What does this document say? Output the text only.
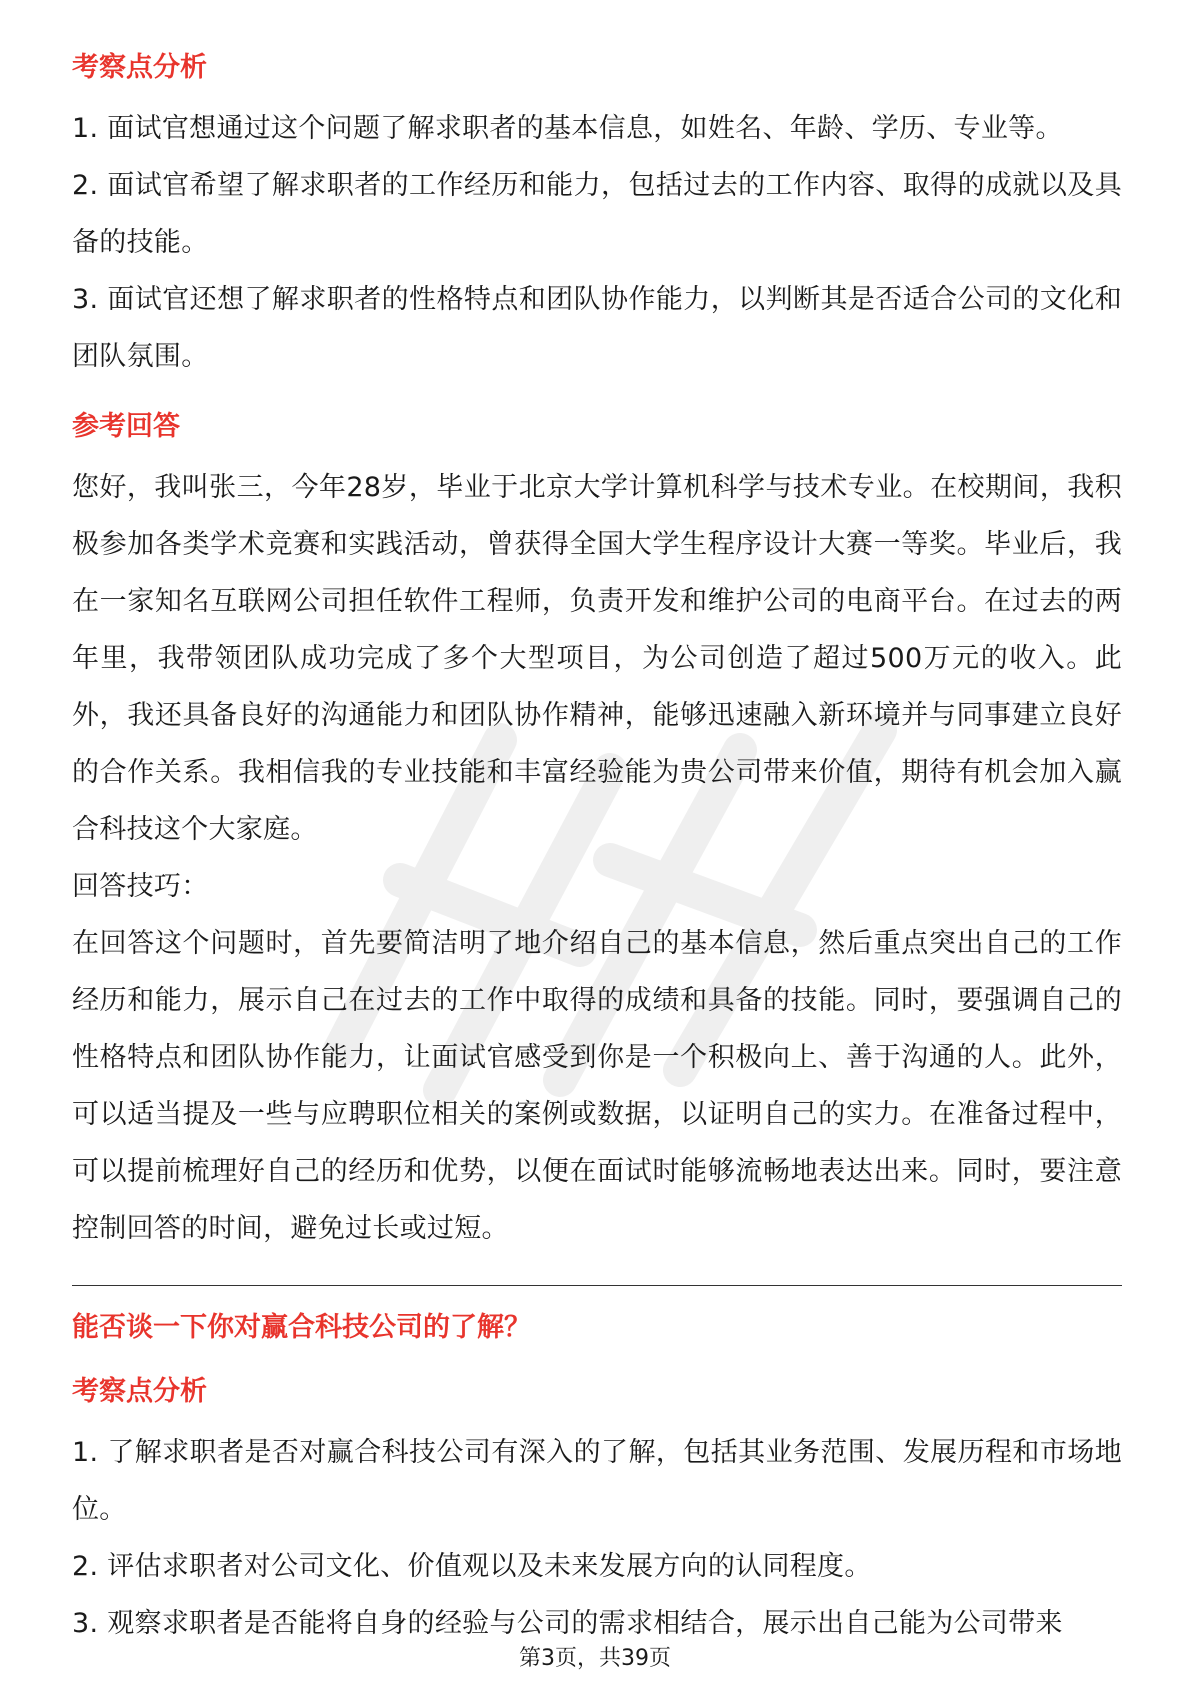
考察点分析

1. 面试官想通过这个问题了解求职者的基本信息，如姓名、年龄、学历、专业等。

2. 面试官希望了解求职者的工作经历和能力，包括过去的工作内容、取得的成就以及具备的技能。

3. 面试官还想了解求职者的性格特点和团队协作能力，以判断其是否适合公司的文化和团队氛围。

参考回答

您好，我叫张三，今年28岁，毕业于北京大学计算机科学与技术专业。在校期间，我积极参加各类学术竞赛和实践活动，曾获得全国大学生程序设计大赛一等奖。毕业后，我在一家知名互联网公司担任软件工程师，负责开发和维护公司的电商平台。在过去的两年里，我带领团队成功完成了多个大型项目，为公司创造了超过500万元的收入。此外，我还具备良好的沟通能力和团队协作精神，能够迅速融入新环境并与同事建立良好的合作关系。我相信我的专业技能和丰富经验能为贵公司带来价值，期待有机会加入赢合科技这个大家庭。

回答技巧：

在回答这个问题时，首先要简洁明了地介绍自己的基本信息，然后重点突出自己的工作经历和能力，展示自己在过去的工作中取得的成绩和具备的技能。同时，要强调自己的性格特点和团队协作能力，让面试官感受到你是一个积极向上、善于沟通的人。此外，可以适当提及一些与应聘职位相关的案例或数据，以证明自己的实力。在准备过程中，可以提前梳理好自己的经历和优势，以便在面试时能够流畅地表达出来。同时，要注意控制回答的时间，避免过长或过短。

能否谈一下你对赢合科技公司的了解？
考察点分析

1. 了解求职者是否对赢合科技公司有深入的了解，包括其业务范围、发展历程和市场地位。

2. 评估求职者对公司文化、价值观以及未来发展方向的认同程度。

3. 观察求职者是否能将自身的经验与公司的需求相结合，展示出自己能为公司带来

第3页，共39页
